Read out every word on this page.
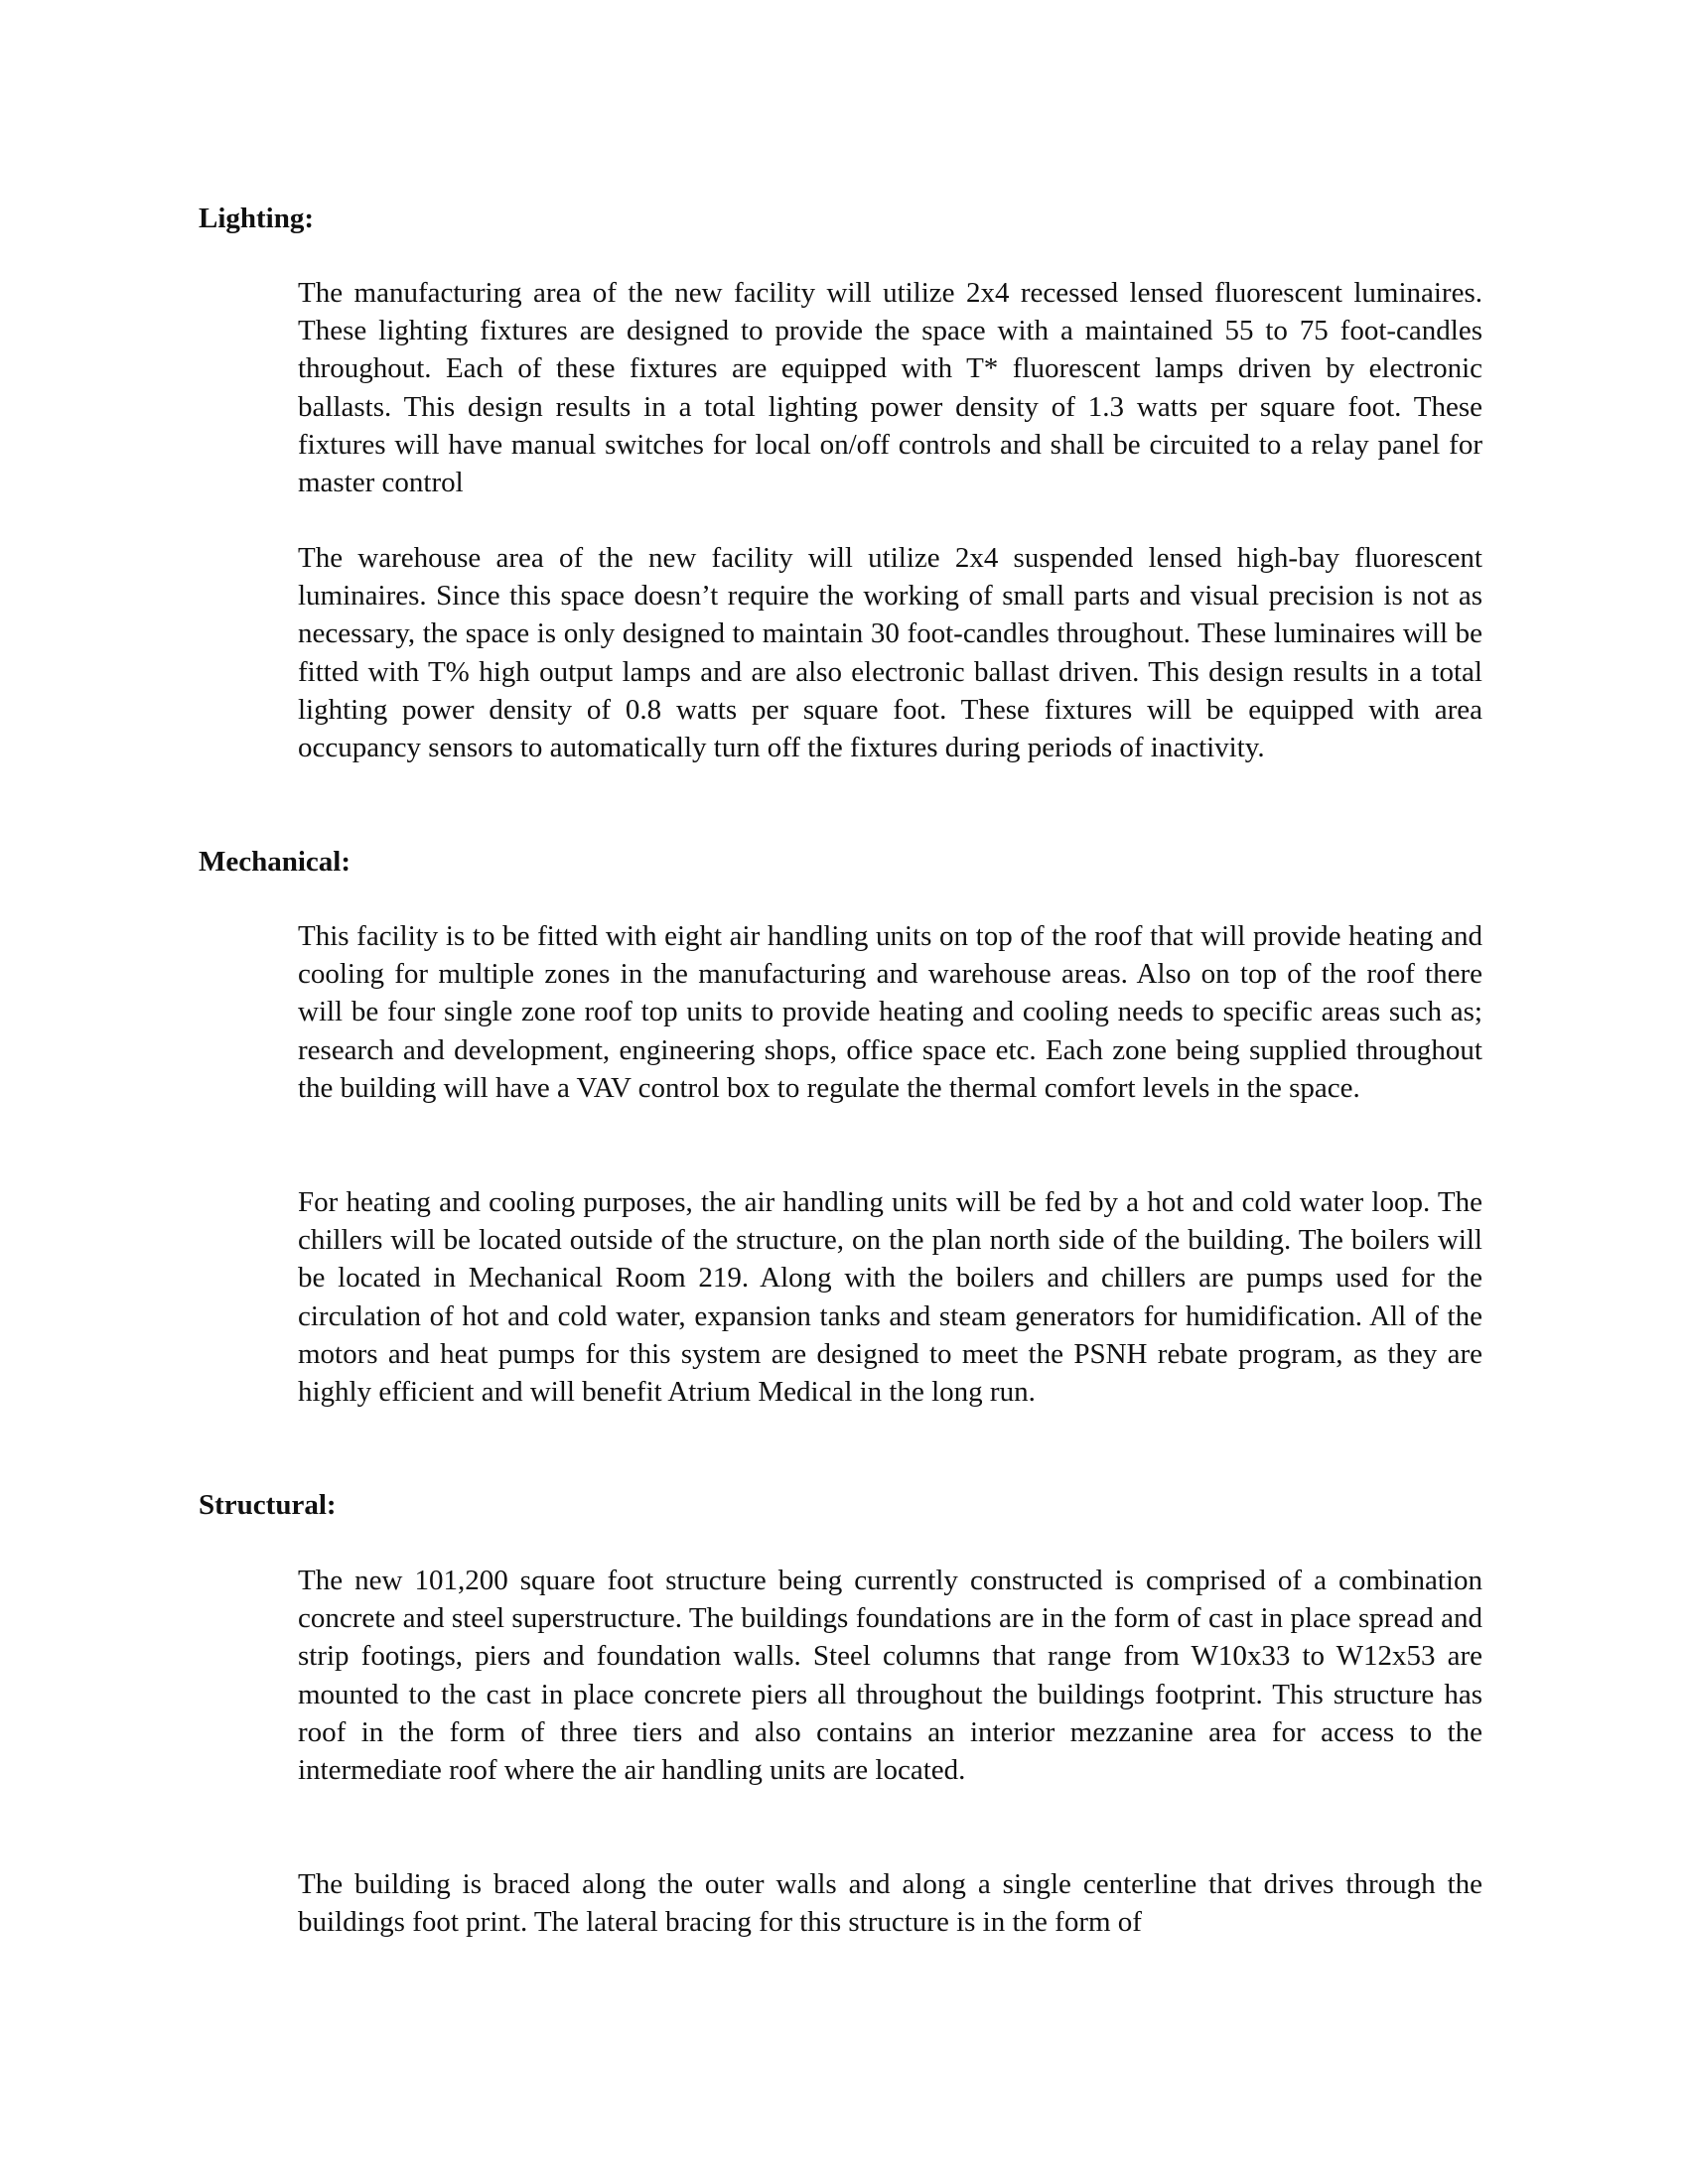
Lighting:

The manufacturing area of the new facility will utilize 2x4 recessed lensed fluorescent luminaires. These lighting fixtures are designed to provide the space with a maintained 55 to 75 foot-candles throughout. Each of these fixtures are equipped with T* fluorescent lamps driven by electronic ballasts. This design results in a total lighting power density of 1.3 watts per square foot. These fixtures will have manual switches for local on/off controls and shall be circuited to a relay panel for master control

The warehouse area of the new facility will utilize 2x4 suspended lensed high-bay fluorescent luminaires. Since this space doesn’t require the working of small parts and visual precision is not as necessary, the space is only designed to maintain 30 foot-candles throughout. These luminaires will be fitted with T% high output lamps and are also electronic ballast driven. This design results in a total lighting power density of 0.8 watts per square foot. These fixtures will be equipped with area occupancy sensors to automatically turn off the fixtures during periods of inactivity.

Mechanical:

This facility is to be fitted with eight air handling units on top of the roof that will provide heating and cooling for multiple zones in the manufacturing and warehouse areas. Also on top of the roof there will be four single zone roof top units to provide heating and cooling needs to specific areas such as; research and development, engineering shops, office space etc. Each zone being supplied throughout the building will have a VAV control box to regulate the thermal comfort levels in the space.

For heating and cooling purposes, the air handling units will be fed by a hot and cold water loop. The chillers will be located outside of the structure, on the plan north side of the building. The boilers will be located in Mechanical Room 219. Along with the boilers and chillers are pumps used for the circulation of hot and cold water, expansion tanks and steam generators for humidification. All of the motors and heat pumps for this system are designed to meet the PSNH rebate program, as they are highly efficient and will benefit Atrium Medical in the long run.

Structural:

The new 101,200 square foot structure being currently constructed is comprised of a combination concrete and steel superstructure. The buildings foundations are in the form of cast in place spread and strip footings, piers and foundation walls. Steel columns that range from W10x33 to W12x53 are mounted to the cast in place concrete piers all throughout the buildings footprint. This structure has roof in the form of three tiers and also contains an interior mezzanine area for access to the intermediate roof where the air handling units are located.

The building is braced along the outer walls and along a single centerline that drives through the buildings foot print. The lateral bracing for this structure is in the form of
